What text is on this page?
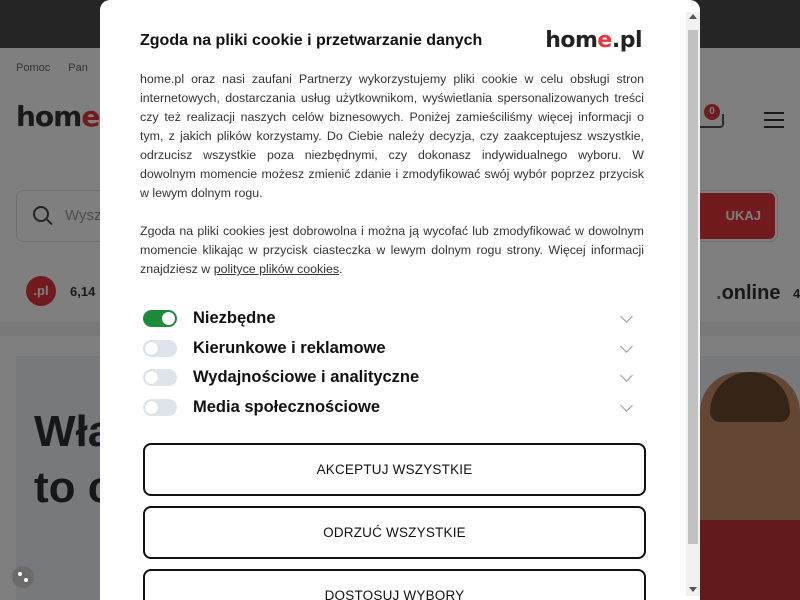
Zgoda na pliki cookie i przetwarzanie danych	home.pl

home.pl oraz nasi zaufani Partnerzy wykorzystujemy pliki cookie w celu obsługi stron internetowych, dostarczania usług użytkownikom, wyświetlania spersonalizowanych treści czy też realizacji naszych celów biznesowych. Poniżej zamieściliśmy więcej informacji o tym, z jakich plików korzystamy. Do Ciebie należy decyzja, czy zaakceptujesz wszystkie, odrzucisz wszystkie poza niezbędnymi, czy dokonasz indywidualnego wyboru. W dowolnym momencie możesz zmienić zdanie i zmodyfikować swój wybór poprzez przycisk w lewym dolnym rogu.

Zgoda na pliki cookies jest dobrowolna i można ją wycofać lub zmodyfikować w dowolnym momencie klikając w przycisk ciasteczka w lewym dolnym rogu strony. Więcej informacji znajdziesz w polityce plików cookies.

Niezbędne
Kierunkowe i reklamowe
Wydajnościowe i analityczne
Media społecznościowe
AKCEPTUJ WSZYSTKIE
ODRZUĆ WSZYSTKIE
DOSTOSUJ WYBORY
